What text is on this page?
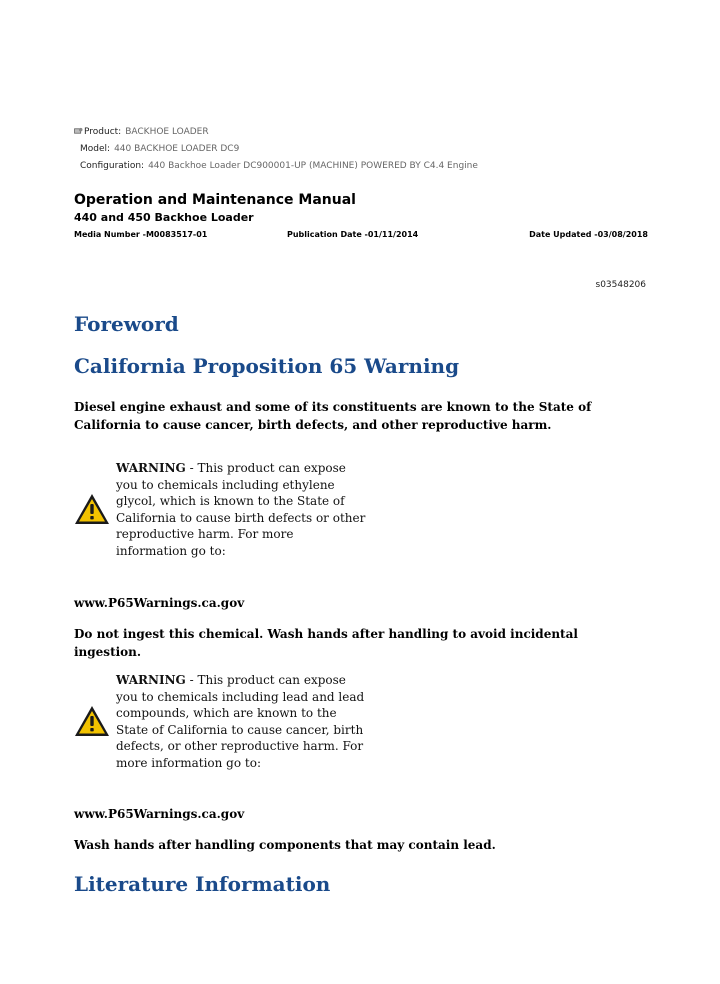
Product: BACKHOE LOADER
Model: 440 BACKHOE LOADER DC9
Configuration: 440 Backhoe Loader DC900001-UP (MACHINE) POWERED BY C4.4 Engine
Operation and Maintenance Manual
440 and 450 Backhoe Loader
Media Number -M0083517-01	Publication Date -01/11/2014	Date Updated -03/08/2018
s03548206
Foreword
California Proposition 65 Warning
Diesel engine exhaust and some of its constituents are known to the State of California to cause cancer, birth defects, and other reproductive harm.
WARNING - This product can expose you to chemicals including ethylene glycol, which is known to the State of California to cause birth defects or other reproductive harm. For more information go to:
www.P65Warnings.ca.gov
Do not ingest this chemical. Wash hands after handling to avoid incidental ingestion.
WARNING - This product can expose you to chemicals including lead and lead compounds, which are known to the State of California to cause cancer, birth defects, or other reproductive harm. For more information go to:
www.P65Warnings.ca.gov
Wash hands after handling components that may contain lead.
Literature Information
